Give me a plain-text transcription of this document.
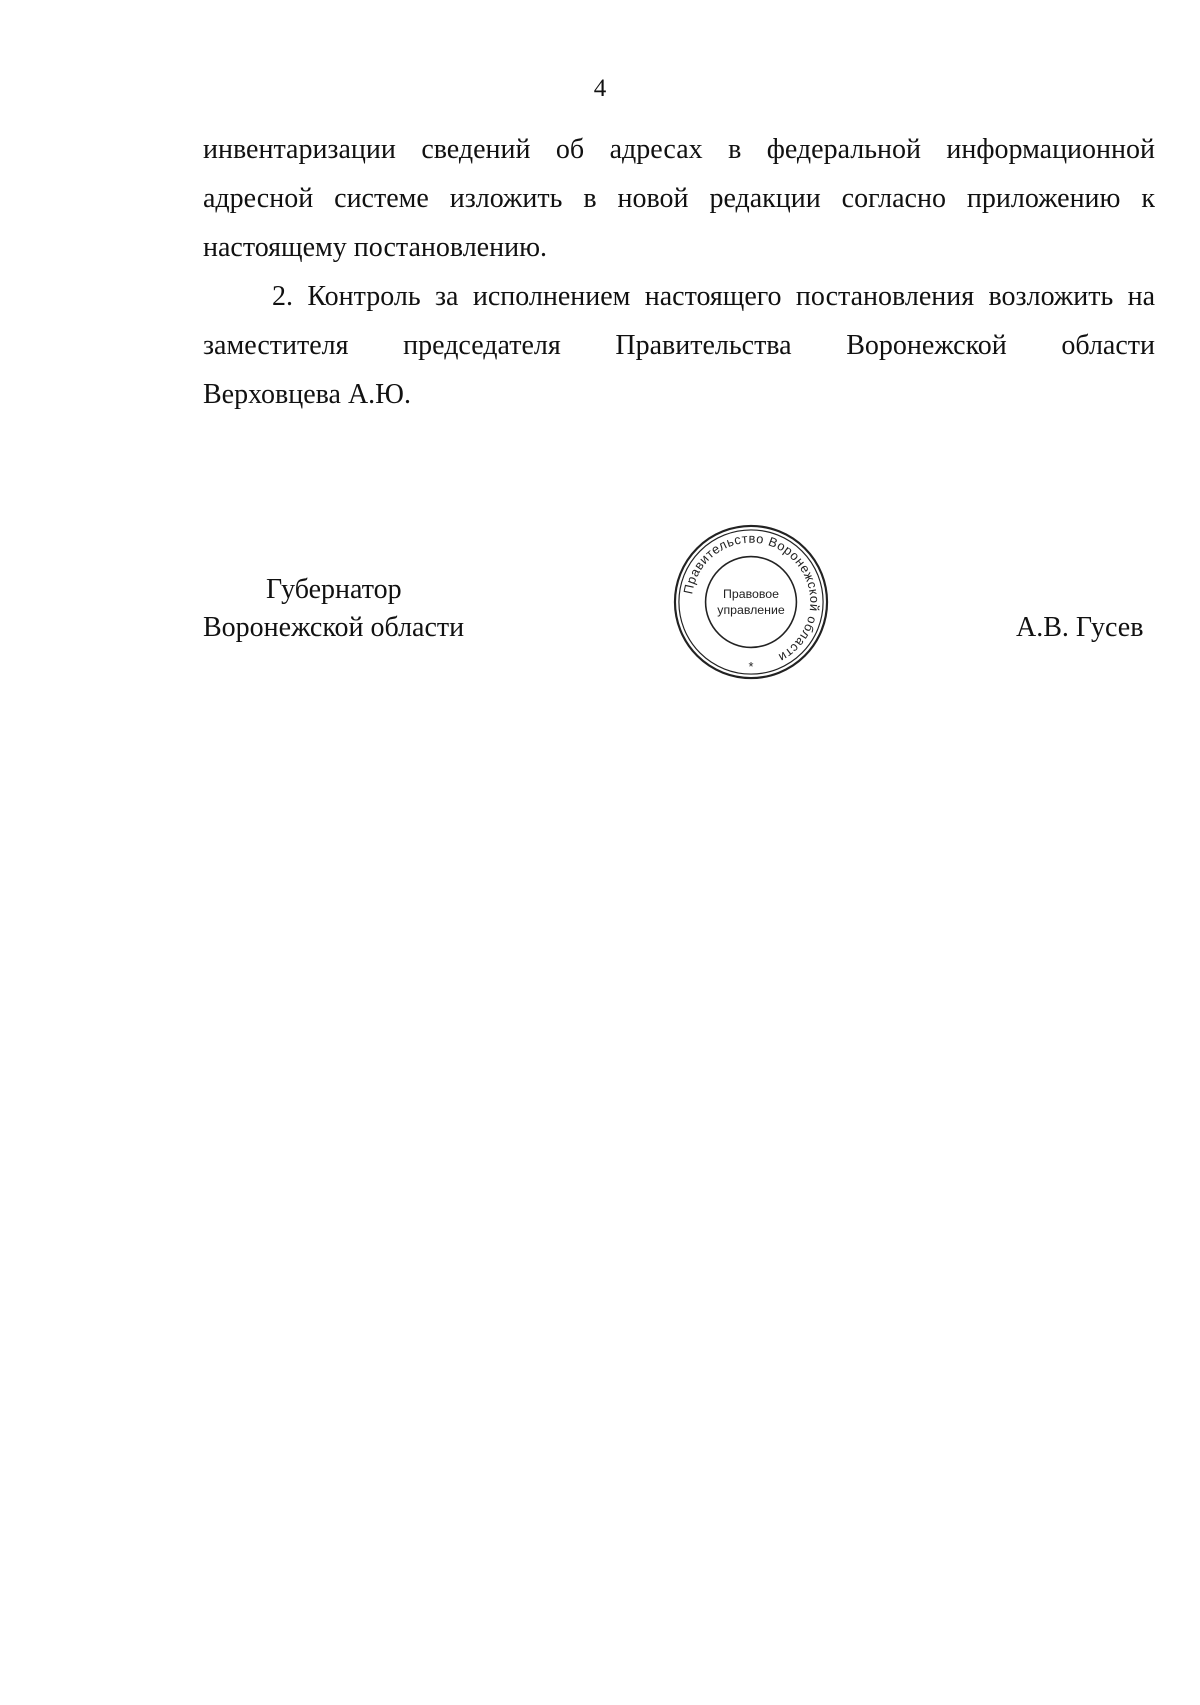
4
инвентаризации сведений об адресах в федеральной информационной
адресной системе изложить в новой редакции согласно приложению к
настоящему постановлению.
2. Контроль за исполнением настоящего постановления возложить на
заместителя председателя Правительства Воронежской области
Верховцева А.Ю.
Губернатор
Воронежской области	А.В. Гусев
Правительство Воронежской области
Правовое
управление
*
